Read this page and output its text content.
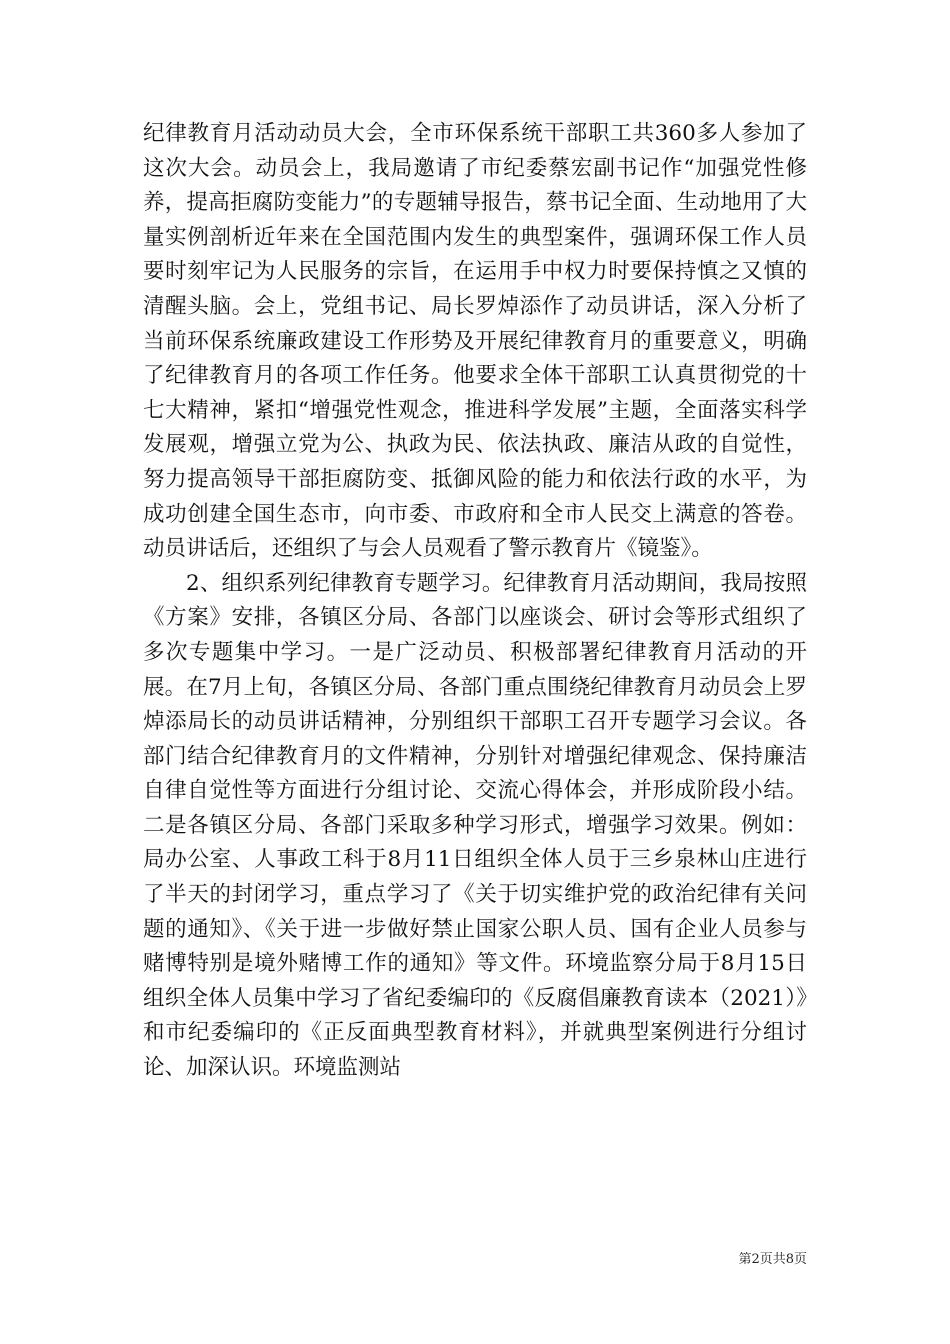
纪律教育月活动动员大会，全市环保系统干部职工共360多人参加了这次大会。动员会上，我局邀请了市纪委蔡宏副书记作“加强党性修养，提高拒腐防变能力”的专题辅导报告，蔡书记全面、生动地用了大量实例剖析近年来在全国范围内发生的典型案件，强调环保工作人员要时刻牢记为人民服务的宗旨，在运用手中权力时要保持慎之又慎的清醒头脑。会上，党组书记、局长罗焯添作了动员讲话，深入分析了当前环保系统廉政建设工作形势及开展纪律教育月的重要意义，明确了纪律教育月的各项工作任务。他要求全体干部职工认真贯彻党的十七大精神，紧扣“增强党性观念，推进科学发展”主题，全面落实科学发展观，增强立党为公、执政为民、依法执政、廉洁从政的自觉性，努力提高领导干部拒腐防变、抵御风险的能力和依法行政的水平，为成功创建全国生态市，向市委、市政府和全市人民交上满意的答卷。动员讲话后，还组织了与会人员观看了警示教育片《镜鉴》。

2、组织系列纪律教育专题学习。纪律教育月活动期间，我局按照《方案》安排，各镇区分局、各部门以座谈会、研讨会等形式组织了多次专题集中学习。一是广泛动员、积极部署纪律教育月活动的开展。在7月上旬，各镇区分局、各部门重点围绕纪律教育月动员会上罗焯添局长的动员讲话精神，分别组织干部职工召开专题学习会议。各部门结合纪律教育月的文件精神，分别针对增强纪律观念、保持廉洁自律自觉性等方面进行分组讨论、交流心得体会，并形成阶段小结。二是各镇区分局、各部门采取多种学习形式，增强学习效果。例如：局办公室、人事政工科于8月11日组织全体人员于三乡泉林山庄进行了半天的封闭学习，重点学习了《关于切实维护党的政治纪律有关问题的通知》、《关于进一步做好禁止国家公职人员、国有企业人员参与赌博特别是境外赌博工作的通知》等文件。环境监察分局于8月15日组织全体人员集中学习了省纪委编印的《反腐倡廉教育读本（2021）》和市纪委编印的《正反面典型教育材料》，并就典型案例进行分组讨论、加深认识。环境监测站

第2页共8页
